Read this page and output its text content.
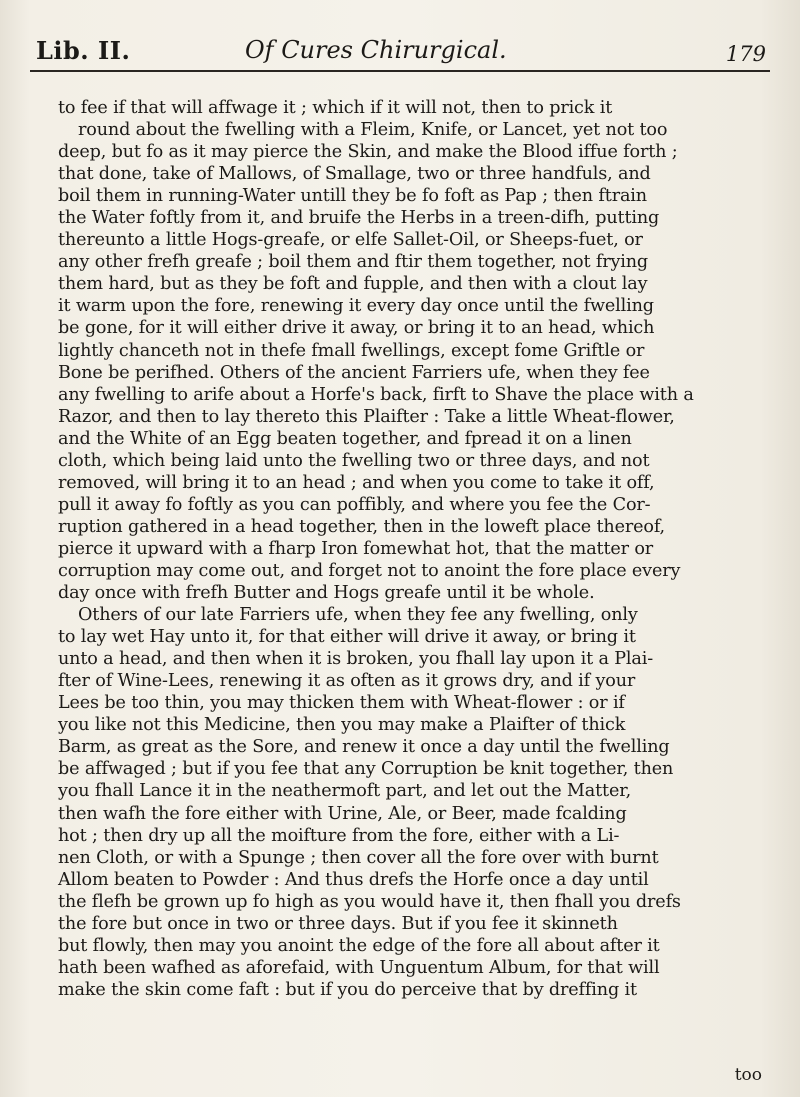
Lib. II.	Of Cures Chirurgical.	179
to fee if that will affwage it ; which if it will not, then to prick it
round about the fwelling with a Fleim, Knife, or Lancet, yet not too
deep, but fo as it may pierce the Skin, and make the Blood iffue forth ;
that done, take of Mallows, of Smallage, two or three handfuls, and
boil them in running-Water untill they be fo foft as Pap ; then ftrain
the Water foftly from it, and bruife the Herbs in a treen-difh, putting
thereunto a little Hogs-greafe, or elfe Sallet-Oil, or Sheeps-fuet, or
any other frefh greafe ; boil them and ftir them together, not frying
them hard, but as they be foft and fupple, and then with a clout lay
it warm upon the fore, renewing it every day once until the fwelling
be gone, for it will either drive it away, or bring it to an head, which
lightly chanceth not in thefe fmall fwellings, except fome Griftle or
Bone be perifhed. Others of the ancient Farriers ufe, when they fee
any fwelling to arife about a Horfe's back, firft to Shave the place with a
Razor, and then to lay thereto this Plaifter : Take a little Wheat-flower,
and the White of an Egg beaten together, and fpread it on a linen
cloth, which being laid unto the fwelling two or three days, and not
removed, will bring it to an head ; and when you come to take it off,
pull it away fo foftly as you can poffibly, and where you fee the Cor-
ruption gathered in a head together, then in the loweft place thereof,
pierce it upward with a fharp Iron fomewhat hot, that the matter or
corruption may come out, and forget not to anoint the fore place every
day once with frefh Butter and Hogs greafe until it be whole.
Others of our late Farriers ufe, when they fee any fwelling, only
to lay wet Hay unto it, for that either will drive it away, or bring it
unto a head, and then when it is broken, you fhall lay upon it a Plai-
fter of Wine-Lees, renewing it as often as it grows dry, and if your
Lees be too thin, you may thicken them with Wheat-flower : or if
you like not this Medicine, then you may make a Plaifter of thick
Barm, as great as the Sore, and renew it once a day until the fwelling
be affwaged ; but if you fee that any Corruption be knit together, then
you fhall Lance it in the neathermoft part, and let out the Matter,
then wafh the fore either with Urine, Ale, or Beer, made fcalding
hot ; then dry up all the moifture from the fore, either with a Li-
nen Cloth, or with a Spunge ; then cover all the fore over with burnt
Allom beaten to Powder : And thus drefs the Horfe once a day until
the flefh be grown up fo high as you would have it, then fhall you drefs
the fore but once in two or three days. But if you fee it skinneth
but flowly, then may you anoint the edge of the fore all about after it
hath been wafhed as aforefaid, with Unguentum Album, for that will
make the skin come faft : but if you do perceive that by dreffing it
too
